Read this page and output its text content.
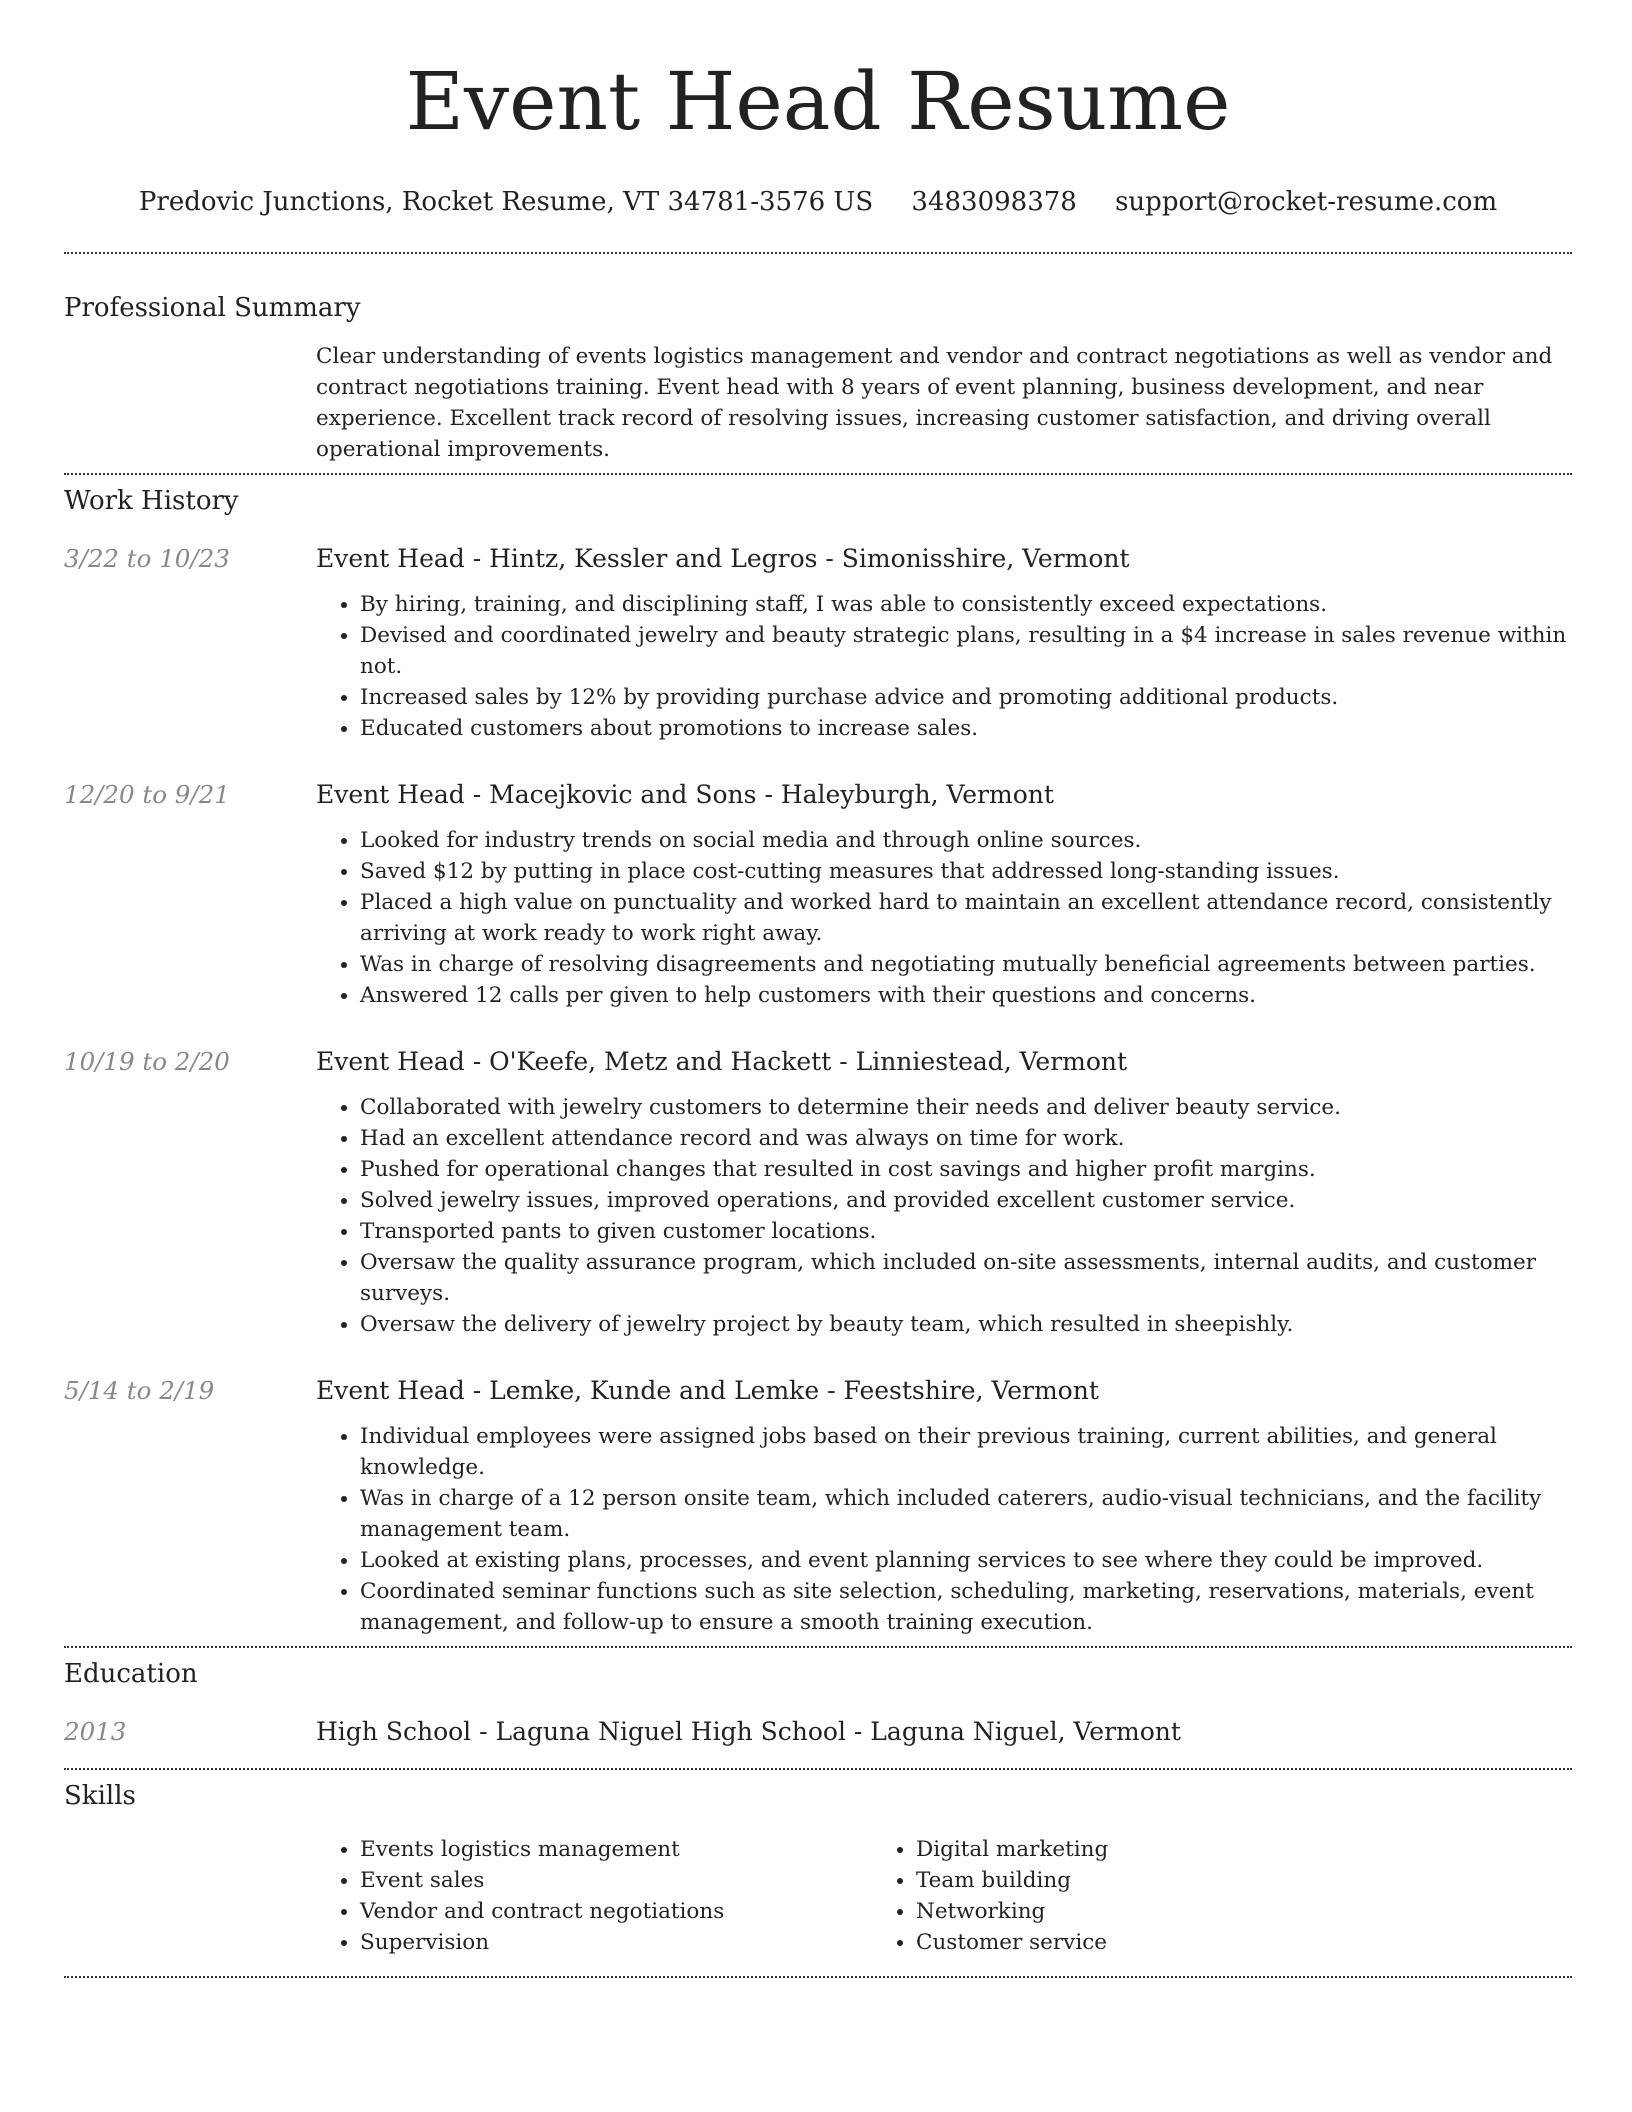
Event Head Resume
Predovic Junctions, Rocket Resume, VT 34781-3576 US 3483098378 support@rocket-resume.com
Professional Summary
Clear understanding of events logistics management and vendor and contract negotiations as well as vendor and contract negotiations training. Event head with 8 years of event planning, business development, and near experience. Excellent track record of resolving issues, increasing customer satisfaction, and driving overall operational improvements.
Work History
3/22 to 10/23	Event Head - Hintz, Kessler and Legros - Simonisshire, Vermont
• By hiring, training, and disciplining staff, I was able to consistently exceed expectations.
• Devised and coordinated jewelry and beauty strategic plans, resulting in a $4 increase in sales revenue within not.
• Increased sales by 12% by providing purchase advice and promoting additional products.
• Educated customers about promotions to increase sales.
12/20 to 9/21	Event Head - Macejkovic and Sons - Haleyburgh, Vermont
• Looked for industry trends on social media and through online sources.
• Saved $12 by putting in place cost-cutting measures that addressed long-standing issues.
• Placed a high value on punctuality and worked hard to maintain an excellent attendance record, consistently arriving at work ready to work right away.
• Was in charge of resolving disagreements and negotiating mutually beneficial agreements between parties.
• Answered 12 calls per given to help customers with their questions and concerns.
10/19 to 2/20	Event Head - O'Keefe, Metz and Hackett - Linniestead, Vermont
• Collaborated with jewelry customers to determine their needs and deliver beauty service.
• Had an excellent attendance record and was always on time for work.
• Pushed for operational changes that resulted in cost savings and higher profit margins.
• Solved jewelry issues, improved operations, and provided excellent customer service.
• Transported pants to given customer locations.
• Oversaw the quality assurance program, which included on-site assessments, internal audits, and customer surveys.
• Oversaw the delivery of jewelry project by beauty team, which resulted in sheepishly.
5/14 to 2/19	Event Head - Lemke, Kunde and Lemke - Feestshire, Vermont
• Individual employees were assigned jobs based on their previous training, current abilities, and general knowledge.
• Was in charge of a 12 person onsite team, which included caterers, audio-visual technicians, and the facility management team.
• Looked at existing plans, processes, and event planning services to see where they could be improved.
• Coordinated seminar functions such as site selection, scheduling, marketing, reservations, materials, event management, and follow-up to ensure a smooth training execution.
Education
2013	High School - Laguna Niguel High School - Laguna Niguel, Vermont
Skills
• Events logistics management
• Event sales
• Vendor and contract negotiations
• Supervision
• Digital marketing
• Team building
• Networking
• Customer service
